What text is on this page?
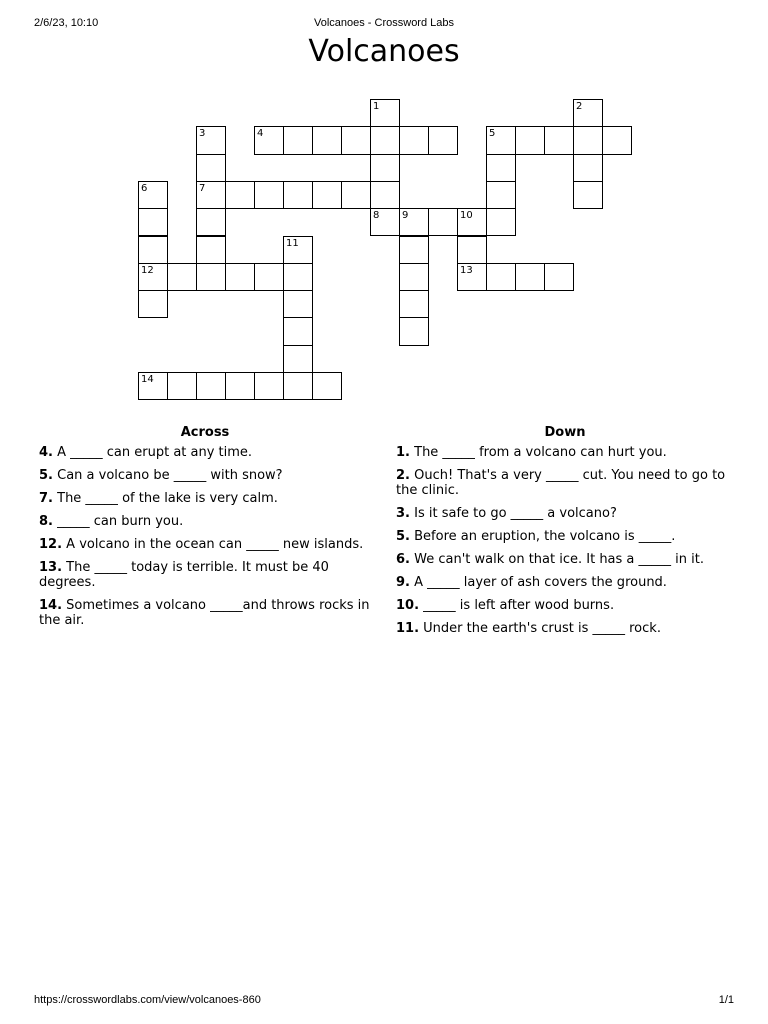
2/6/23, 10:10	Volcanoes - Crossword Labs
Volcanoes
1	2
3	4	5
6	7
8 9	10
11
12	13
14
Across
4. A _____ can erupt at any time.
5. Can a volcano be _____ with snow?
7. The _____ of the lake is very calm.
8. _____ can burn you.
12. A volcano in the ocean can _____ new islands.
13. The _____ today is terrible. It must be 40 degrees.
14. Sometimes a volcano _____and throws rocks in the air.
Down
1. The _____ from a volcano can hurt you.
2. Ouch! That's a very _____ cut. You need to go to the clinic.
3. Is it safe to go _____ a volcano?
5. Before an eruption, the volcano is _____.
6. We can't walk on that ice. It has a _____ in it.
9. A _____ layer of ash covers the ground.
10. _____ is left after wood burns.
11. Under the earth's crust is _____ rock.
https://crosswordlabs.com/view/volcanoes-860	1/1
